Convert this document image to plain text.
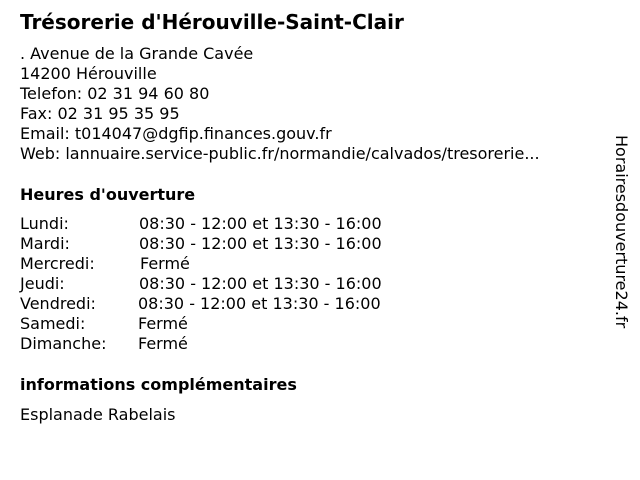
Trésorerie d'Hérouville-Saint-Clair
. Avenue de la Grande Cavée
14200 Hérouville
Telefon: 02 31 94 60 80
Fax: 02 31 95 35 95
Email: t014047@dgfip.finances.gouv.fr
Web: lannuaire.service-public.fr/normandie/calvados/tresorerie...
Heures d'ouverture
Lundi:	08:30 - 12:00 et 13:30 - 16:00
Mardi:	08:30 - 12:00 et 13:30 - 16:00
Mercredi:	Fermé
Jeudi:	08:30 - 12:00 et 13:30 - 16:00
Vendredi:	08:30 - 12:00 et 13:30 - 16:00
Samedi:	Fermé
Dimanche: Fermé
informations complémentaires
Esplanade Rabelais
Horairesdouverture24.fr
